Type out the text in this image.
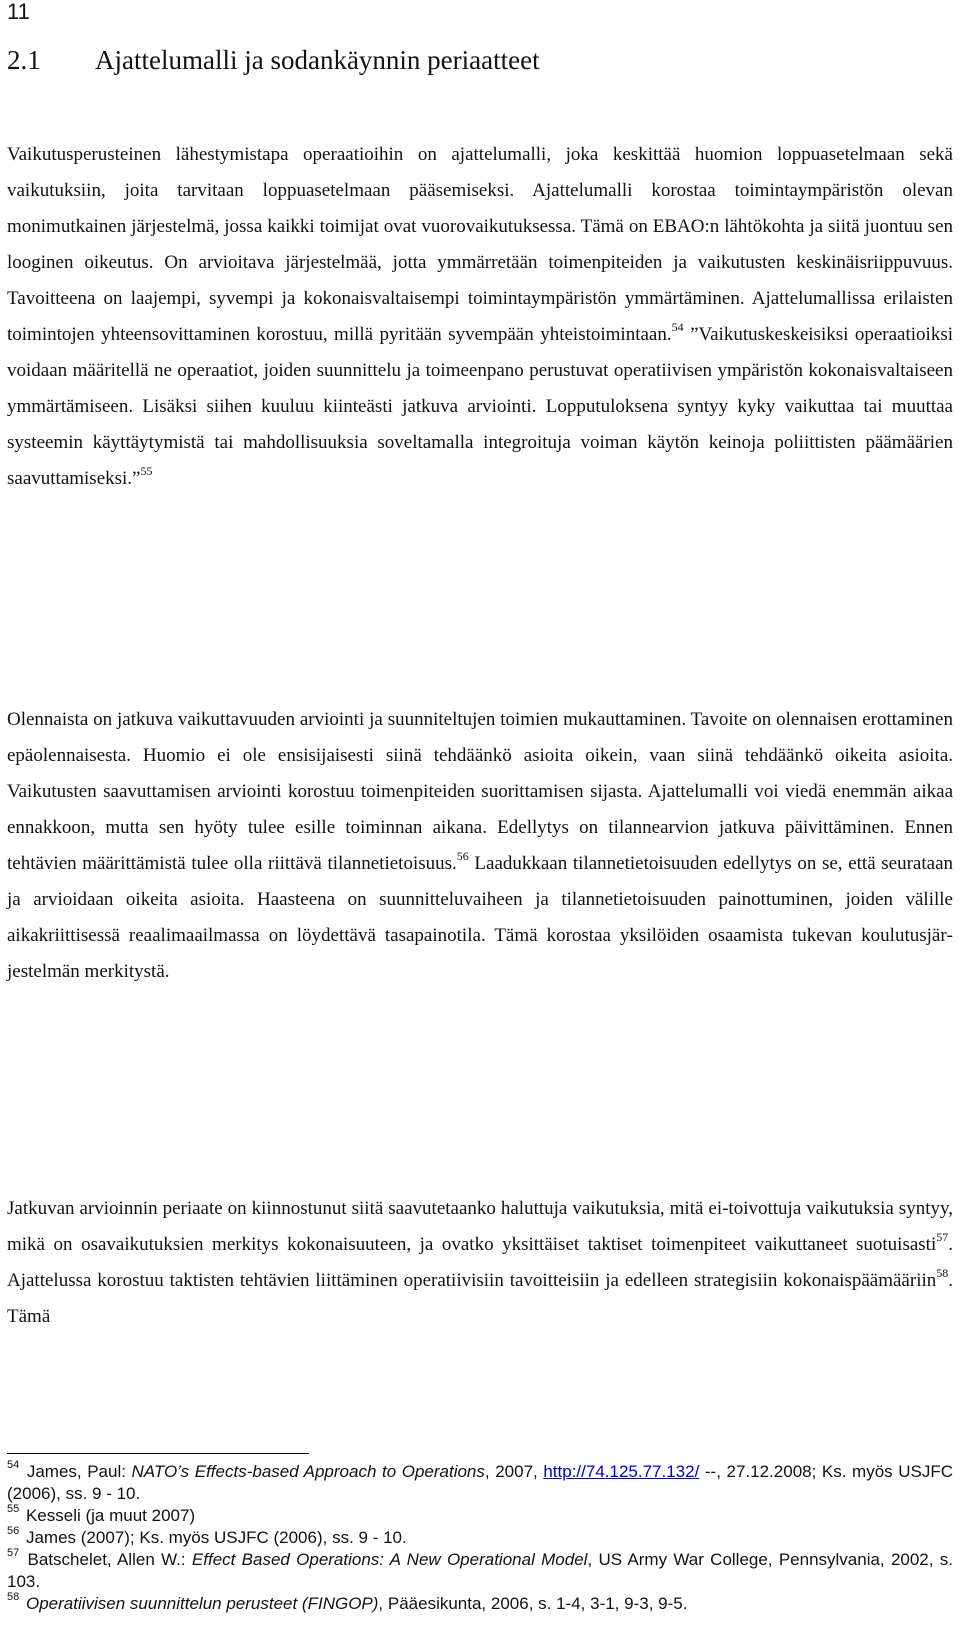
11
2.1 Ajattelumalli ja sodankäynnin periaatteet

Vaikutusperusteinen lähestymistapa operaatioihin on ajattelumalli, joka keskittää huomion loppuasetelmaan sekä vaikutuksiin, joita tarvitaan loppuasetelmaan pääsemiseksi. Ajattelumalli korostaa toimintaympäristön olevan monimutkainen järjestelmä, jossa kaikki toimijat ovat vuorovaikutuksessa. Tämä on EBAO:n lähtökohta ja siitä juontuu sen looginen oikeutus. On arvioitava järjestelmää, jotta ymmärretään toimenpiteiden ja vaikutusten keskinäisriippuvuus. Tavoitteena on laajempi, syvempi ja kokonaisvaltaisempi toimintaympäristön ymmärtäminen. Ajattelumallissa erilaisten toimintojen yhteensovittaminen korostuu, millä pyritään syvempään yhteistoimintaan.$^{54}$ ”Vaikutuskeskeisiksi operaatioiksi voidaan määritellä ne operaatiot, joiden suunnittelu ja toimeenpano perustuvat operatiivisen ympäristön kokonaisvaltaiseen ymmärtämiseen. Lisäksi siihen kuuluu kiinteästi jatkuva arviointi. Lopputuloksena syntyy kyky vaikuttaa tai muuttaa systeemin käyttäytymistä tai mahdollisuuksia soveltamalla integroituja voiman käytön keinoja poliittisten päämäärien saavuttamiseksi.”$^{55}$

Olennaista on jatkuva vaikuttavuuden arviointi ja suunniteltujen toimien mukauttaminen. Tavoite on olennaisen erottaminen epäolennaisesta. Huomio ei ole ensisijaisesti siinä tehdäänkö asioita oikein, vaan siinä tehdäänkö oikeita asioita. Vaikutusten saavuttamisen arviointi korostuu toimenpiteiden suorittamisen sijasta. Ajattelumalli voi viedä enemmän aikaa ennakkoon, mutta sen hyöty tulee esille toiminnan aikana. Edellytys on tilannearvion jatkuva päivittäminen. Ennen tehtävien määrittämistä tulee olla riittävä tilannetietoisuus.$^{56}$ Laadukkaan tilannetietoisuuden edellytys on se, että seurataan ja arvioidaan oikeita asioita. Haasteena on suunnitteluvaiheen ja tilannetietoisuuden painottuminen, joiden välille aikakriittisessä reaalimaailmassa on löydettävä tasapainotila. Tämä korostaa yksilöiden osaamista tukevan koulutusjärjestelmän merkitystä.

Jatkuvan arvioinnin periaate on kiinnostunut siitä saavutetaanko haluttuja vaikutuksia, mitä ei-toivottuja vaikutuksia syntyy, mikä on osavaikutuksien merkitys kokonaisuuteen, ja ovatko yksittäiset taktiset toimenpiteet vaikuttaneet suotuisasti$^{57}$. Ajattelussa korostuu taktisten tehtävien liittäminen operatiivisiin tavoitteisiin ja edelleen strategisiin kokonaispäämääriin$^{58}$. Tämä

$^{54}$ James, Paul: NATO’s Effects-based Approach to Operations, 2007, http://74.125.77.132/ --, 27.12.2008; Ks. myös USJFC (2006), ss. 9 - 10.

$^{55}$ Kesseli (ja muut 2007)

$^{56}$ James (2007); Ks. myös USJFC (2006), ss. 9 - 10.

$^{57}$ Batschelet, Allen W.: Effect Based Operations: A New Operational Model, US Army War College, Pennsylvania, 2002, s. 103.

$^{58}$ Operatiivisen suunnittelun perusteet (FINGOP), Pääesikunta, 2006, s. 1-4, 3-1, 9-3, 9-5.
